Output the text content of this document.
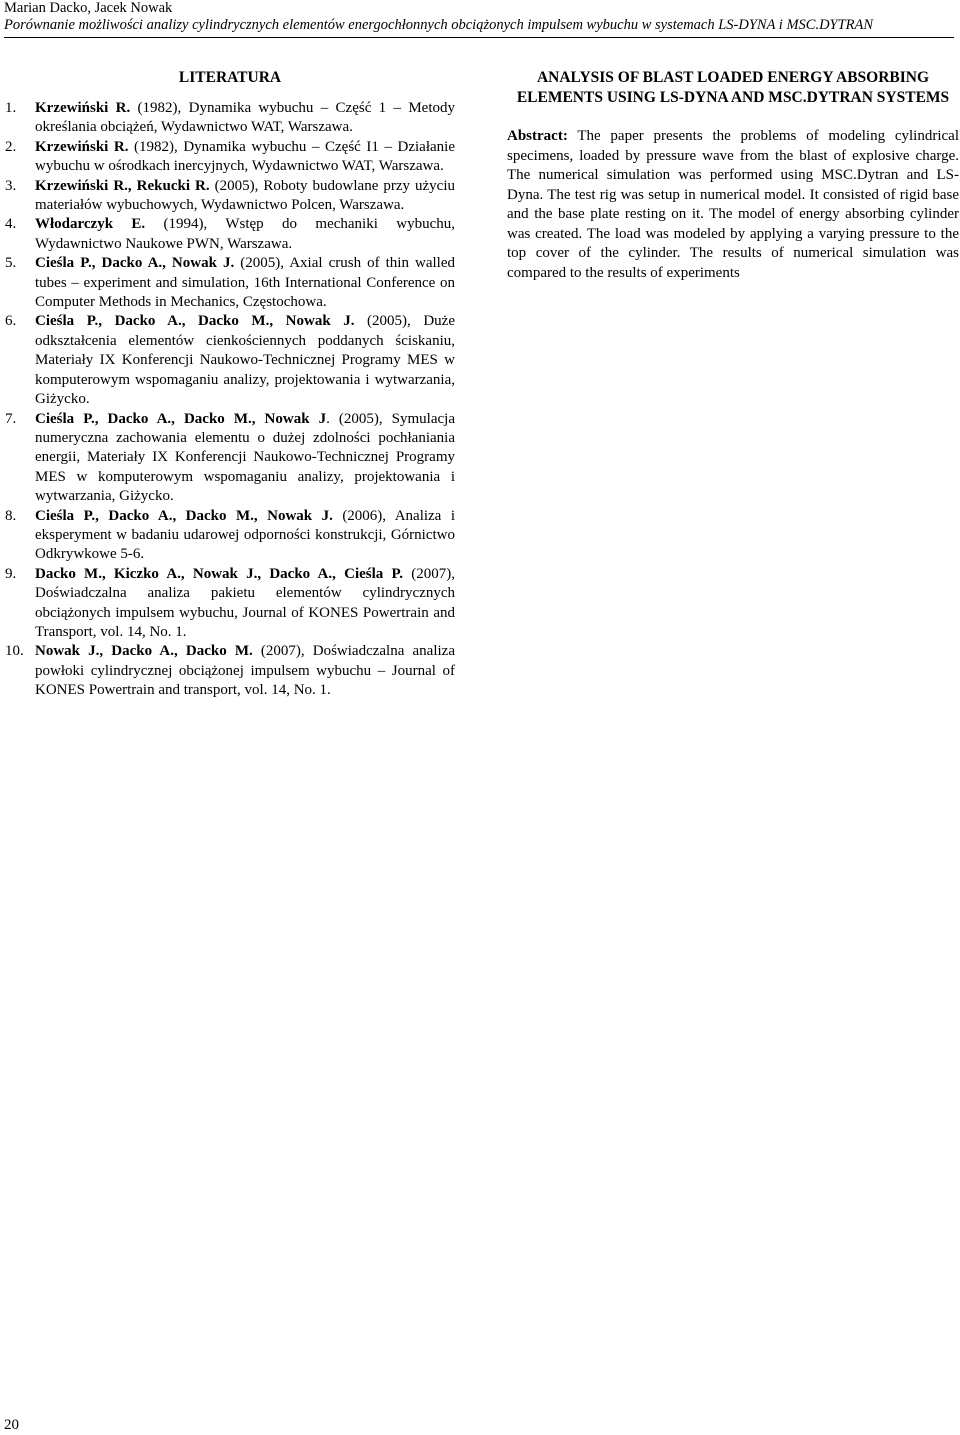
Marian Dacko, Jacek Nowak

Porównanie możliwości analizy cylindrycznych elementów energochłonnych obciążonych impulsem wybuchu w systemach LS-DYNA i MSC.DYTRAN

LITERATURA
1. Krzewiński R. (1982), Dynamika wybuchu – Część 1 – Metody określania obciążeń, Wydawnictwo WAT, Warszawa.
2. Krzewiński R. (1982), Dynamika wybuchu – Część I1 – Działanie wybuchu w ośrodkach inercyjnych, Wydawnictwo WAT, Warszawa.
3. Krzewiński R., Rekucki R. (2005), Roboty budowlane przy użyciu materiałów wybuchowych, Wydawnictwo Polcen, Warszawa.
4. Włodarczyk E. (1994), Wstęp do mechaniki wybuchu, Wydawnictwo Naukowe PWN, Warszawa.
5. Cieśla P., Dacko A., Nowak J. (2005), Axial crush of thin walled tubes – experiment and simulation, 16th International Conference on Computer Methods in Mechanics, Częstochowa.
6. Cieśla P., Dacko A., Dacko M., Nowak J. (2005), Duże odkształcenia elementów cienkościennych poddanych ściskaniu, Materiały IX Konferencji Naukowo-Technicznej Programy MES w komputerowym wspomaganiu analizy, projektowania i wytwarzania, Giżycko.
7. Cieśla P., Dacko A., Dacko M., Nowak J. (2005), Symulacja numeryczna zachowania elementu o dużej zdolności pochłaniania energii, Materiały IX Konferencji Naukowo-Technicznej Programy MES w komputerowym wspomaganiu analizy, projektowania i wytwarzania, Giżycko.
8. Cieśla P., Dacko A., Dacko M., Nowak J. (2006), Analiza i eksperyment w badaniu udarowej odporności konstrukcji, Górnictwo Odkrywkowe 5-6.
9. Dacko M., Kiczko A., Nowak J., Dacko A., Cieśla P. (2007), Doświadczalna analiza pakietu elementów cylindrycznych obciążonych impulsem wybuchu, Journal of KONES Powertrain and Transport, vol. 14, No. 1.
10. Nowak J., Dacko A., Dacko M. (2007), Doświadczalna analiza powłoki cylindrycznej obciążonej impulsem wybuchu – Journal of KONES Powertrain and transport, vol. 14, No. 1.
ANALYSIS OF BLAST LOADED ENERGY ABSORBING ELEMENTS USING LS-DYNA AND MSC.DYTRAN SYSTEMS

Abstract: The paper presents the problems of modeling cylindrical specimens, loaded by pressure wave from the blast of explosive charge. The numerical simulation was performed using MSC.Dytran and LS-Dyna. The test rig was setup in numerical model. It consisted of rigid base and the base plate resting on it. The model of energy absorbing cylinder was created. The load was modeled by applying a varying pressure to the top cover of the cylinder. The results of numerical simulation was compared to the results of experiments

20
